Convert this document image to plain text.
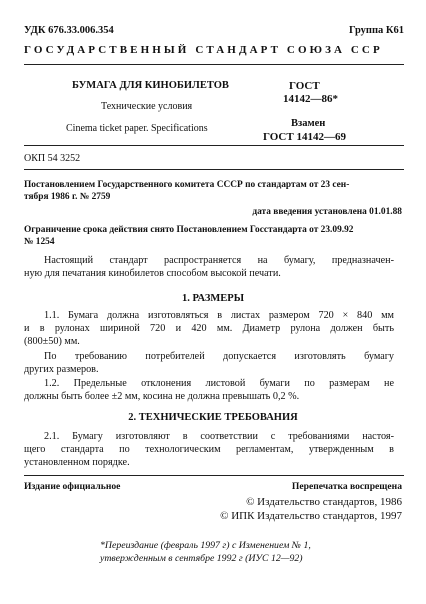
УДК 676.33.006.354	Группа К61
ГОСУДАРСТВЕННЫЙ СТАНДАРТ СОЮЗА ССР
БУМАГА ДЛЯ КИНОБИЛЕТОВ
Технические условия
Cinema ticket paper. Specifications
ГОСТ
14142—86*
Взамен
ГОСТ 14142—69
ОКП 54 3252
Постановлением Государственного комитета СССР по стандартам от 23 сен-
тября 1986 г. № 2759
дата введения установлена 01.01.88
Ограничение срока действия снято Постановлением Госстандарта от 23.09.92
№ 1254
Настоящий стандарт распространяется на бумагу, предназначен-
ную для печатания кинобилетов способом высокой печати.
1. РАЗМЕРЫ
1.1. Бумага должна изготовляться в листах размером 720 × 840 мм
и в рулонах шириной 720 и 420 мм. Диаметр рулона должен быть
(800±50) мм.
По требованию потребителей допускается изготовлять бумагу
других размеров.
1.2. Предельные отклонения листовой бумаги по размерам не
должны быть более ±2 мм, косина не должна превышать 0,2 %.
2. ТЕХНИЧЕСКИЕ ТРЕБОВАНИЯ
2.1. Бумагу изготовляют в соответствии с требованиями настоя-
щего стандарта по технологическим регламентам, утвержденным в
установленном порядке.
Издание официальное	Перепечатка воспрещена
© Издательство стандартов, 1986
© ИПК Издательство стандартов, 1997
*Переиздание (февраль 1997 г) с Изменением № 1,
утвержденным в сентябре 1992 г (ИУС 12—92)
